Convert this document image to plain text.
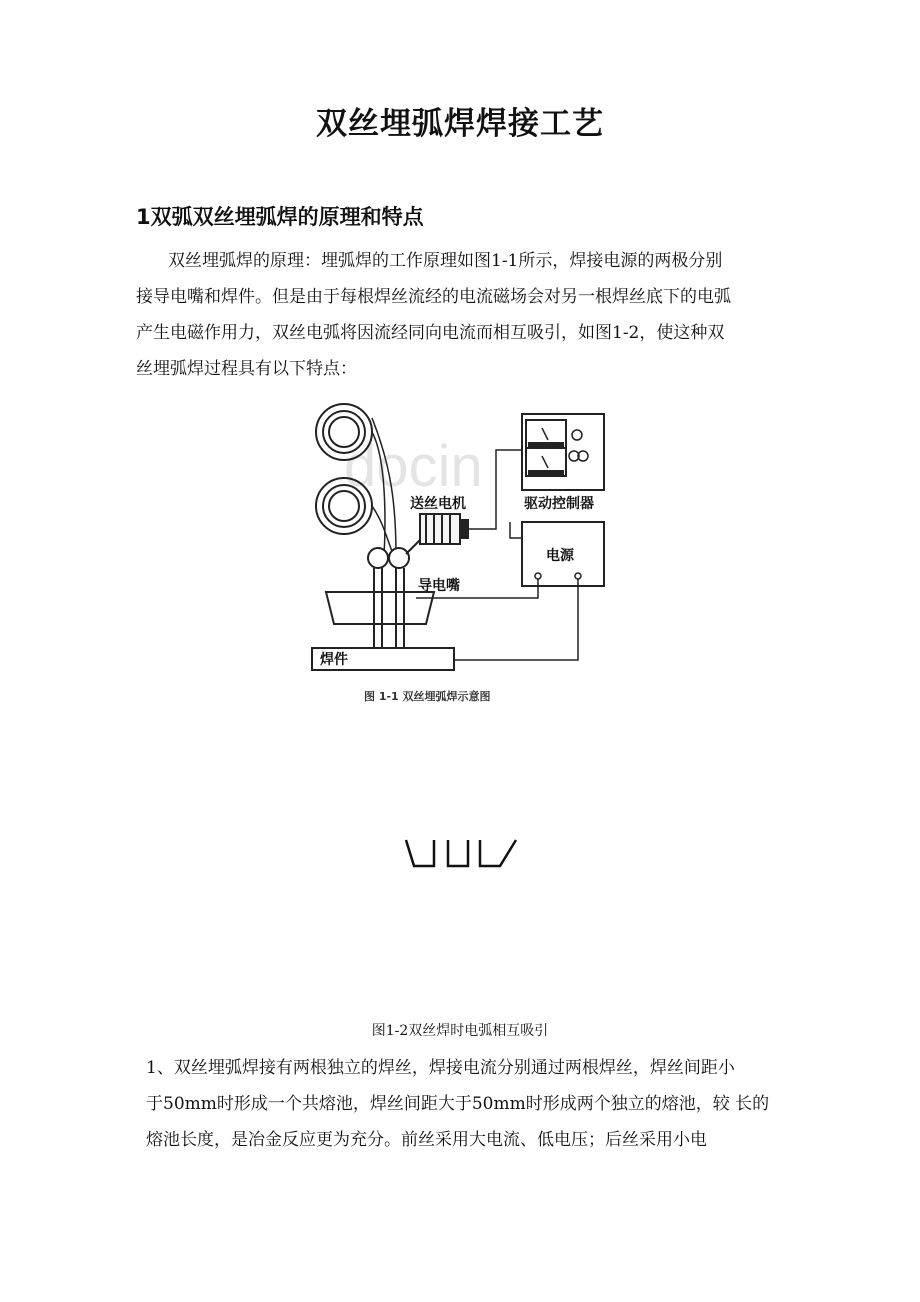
双丝埋弧焊焊接工艺
1双弧双丝埋弧焊的原理和特点

双丝埋弧焊的原理：埋弧焊的工作原理如图1-1所示，焊接电源的两极分别
接导电嘴和焊件。但是由于每根焊丝流经的电流磁场会对另一根焊丝底下的电弧
产生电磁作用力，双丝电弧将因流经同向电流而相互吸引，如图1-2，使这种双
丝埋弧焊过程具有以下特点：

docin
送丝电机	驱动控制器
电源
导电嘴
焊件
图 1-1 双丝埋弧焊示意图
图1-2双丝焊时电弧相互吸引

1、双丝埋弧焊接有两根独立的焊丝，焊接电流分别通过两根焊丝，焊丝间距小
于50mm时形成一个共熔池，焊丝间距大于50mm时形成两个独立的熔池，较 长的
熔池长度，是冶金反应更为充分。前丝采用大电流、低电压；后丝采用小电
